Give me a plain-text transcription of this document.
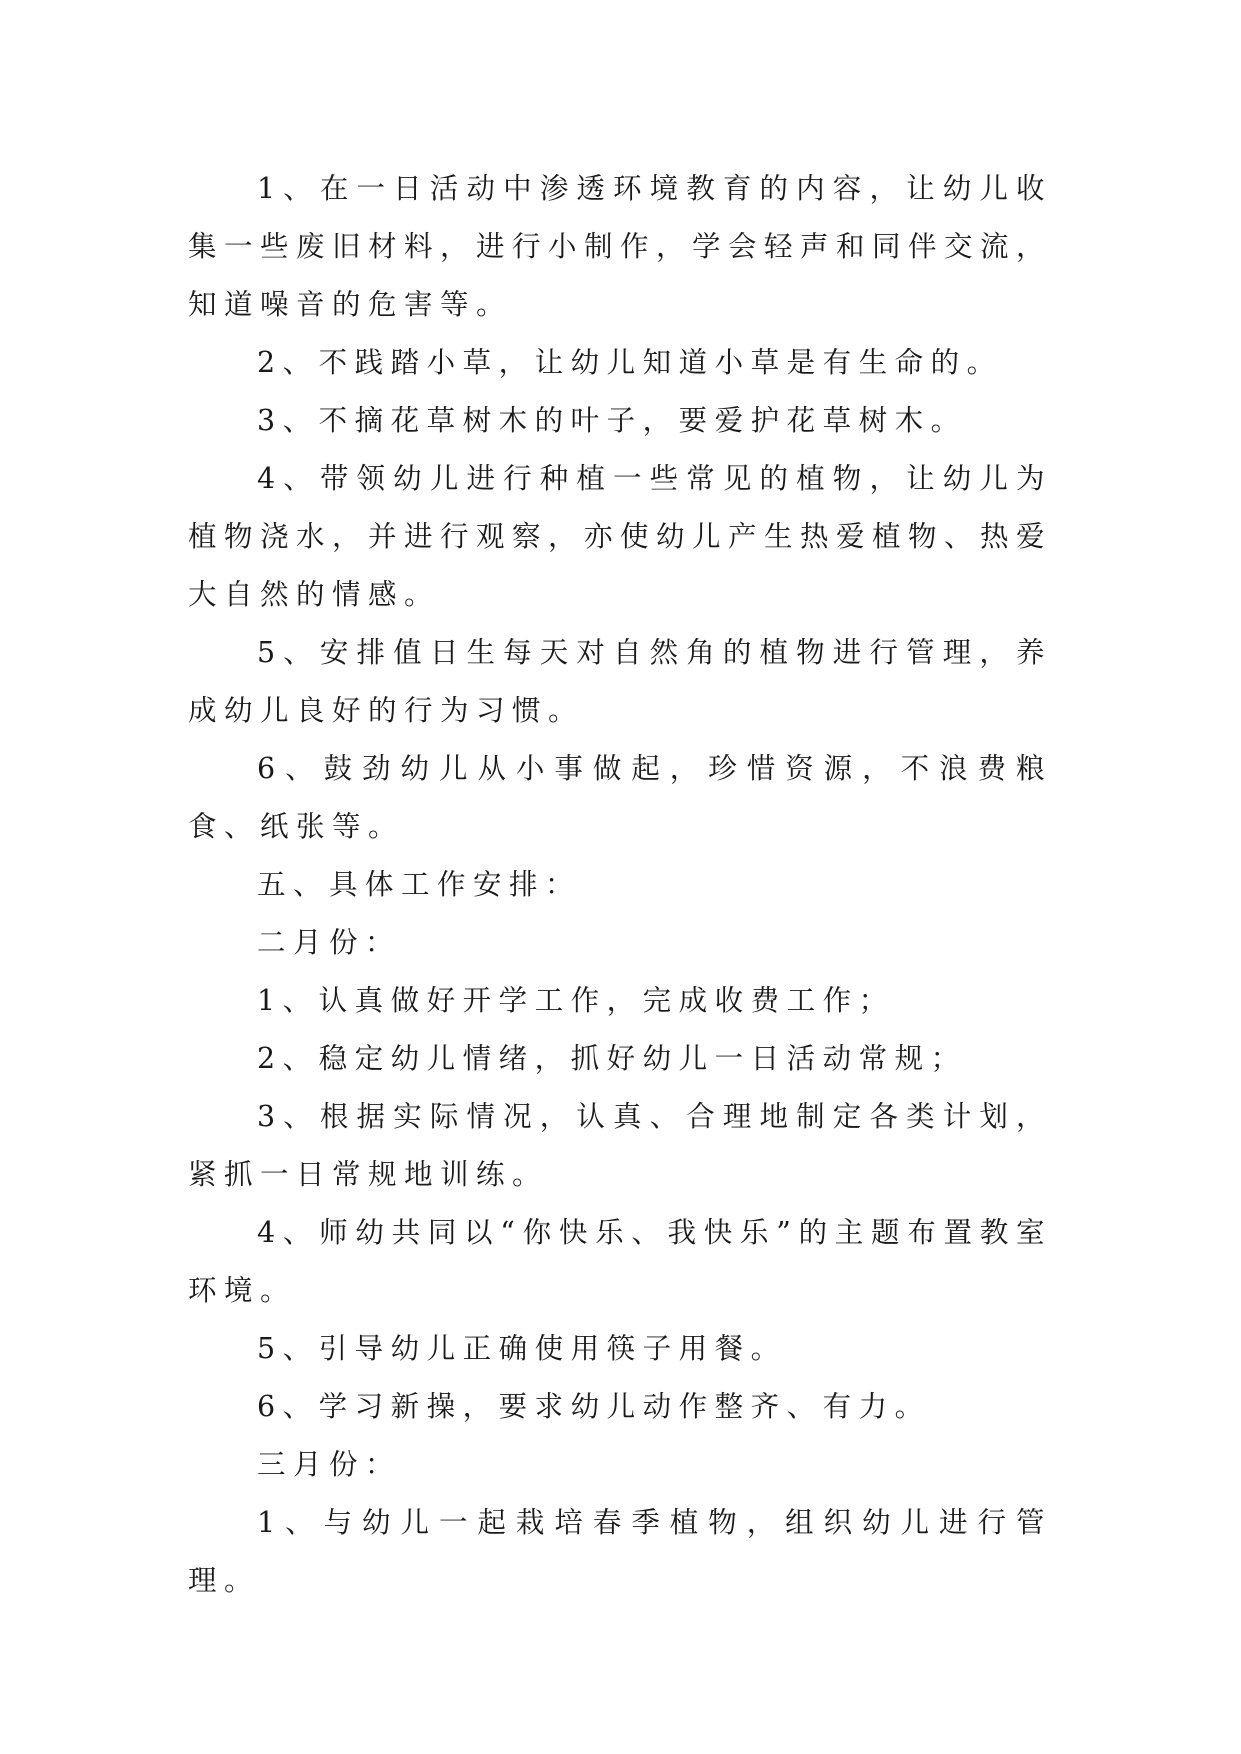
1、在一日活动中渗透环境教育的内容，让幼儿收集一些废旧材料，进行小制作，学会轻声和同伴交流，知道噪音的危害等。

2、不践踏小草，让幼儿知道小草是有生命的。

3、不摘花草树木的叶子，要爱护花草树木。

4、带领幼儿进行种植一些常见的植物，让幼儿为植物浇水，并进行观察，亦使幼儿产生热爱植物、热爱大自然的情感。

5、安排值日生每天对自然角的植物进行管理，养成幼儿良好的行为习惯。

6、鼓劲幼儿从小事做起，珍惜资源，不浪费粮食、纸张等。

五、具体工作安排：

二月份：

1、认真做好开学工作，完成收费工作；

2、稳定幼儿情绪，抓好幼儿一日活动常规；

3、根据实际情况，认真、合理地制定各类计划，紧抓一日常规地训练。

4、师幼共同以“你快乐、我快乐”的主题布置教室环境。

5、引导幼儿正确使用筷子用餐。

6、学习新操，要求幼儿动作整齐、有力。

三月份：

1、与幼儿一起栽培春季植物，组织幼儿进行管理。
